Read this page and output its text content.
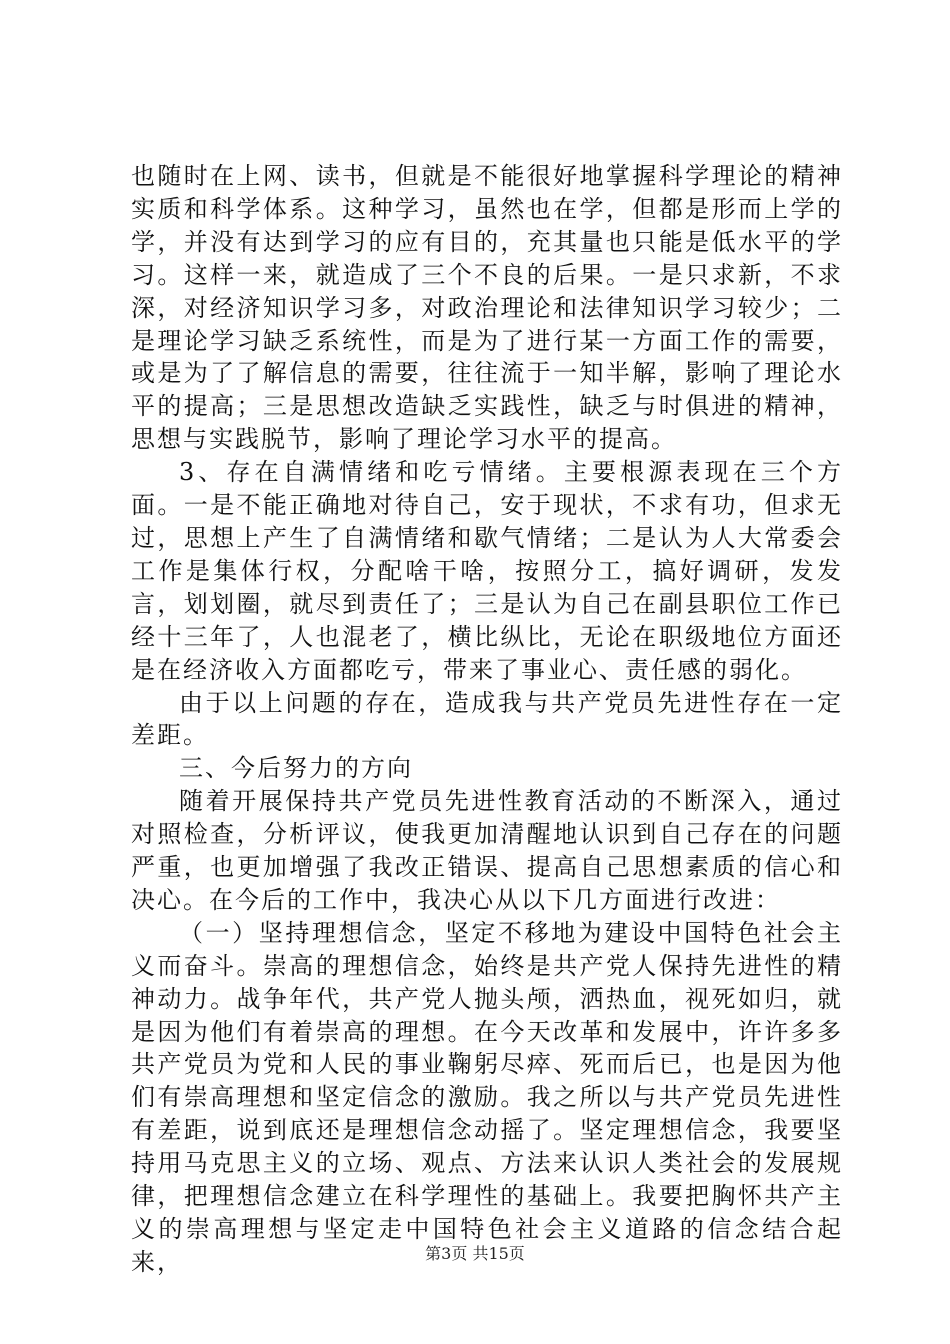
也随时在上网、读书，但就是不能很好地掌握科学理论的精神实质和科学体系。这种学习，虽然也在学，但都是形而上学的学，并没有达到学习的应有目的，充其量也只能是低水平的学习。这样一来，就造成了三个不良的后果。一是只求新，不求深，对经济知识学习多，对政治理论和法律知识学习较少；二是理论学习缺乏系统性，而是为了进行某一方面工作的需要，或是为了了解信息的需要，往往流于一知半解，影响了理论水平的提高；三是思想改造缺乏实践性，缺乏与时俱进的精神，思想与实践脱节，影响了理论学习水平的提高。

3、存在自满情绪和吃亏情绪。主要根源表现在三个方面。一是不能正确地对待自己，安于现状，不求有功，但求无过，思想上产生了自满情绪和歇气情绪；二是认为人大常委会工作是集体行权，分配啥干啥，按照分工，搞好调研，发发言，划划圈，就尽到责任了；三是认为自己在副县职位工作已经十三年了，人也混老了，横比纵比，无论在职级地位方面还是在经济收入方面都吃亏，带来了事业心、责任感的弱化。

由于以上问题的存在，造成我与共产党员先进性存在一定差距。

三、今后努力的方向

随着开展保持共产党员先进性教育活动的不断深入，通过对照检查，分析评议，使我更加清醒地认识到自己存在的问题严重，也更加增强了我改正错误、提高自己思想素质的信心和决心。在今后的工作中，我决心从以下几方面进行改进：

（一）坚持理想信念，坚定不移地为建设中国特色社会主义而奋斗。崇高的理想信念，始终是共产党人保持先进性的精神动力。战争年代，共产党人抛头颅，洒热血，视死如归，就是因为他们有着崇高的理想。在今天改革和发展中，许许多多共产党员为党和人民的事业鞠躬尽瘁、死而后已，也是因为他们有崇高理想和坚定信念的激励。我之所以与共产党员先进性有差距，说到底还是理想信念动摇了。坚定理想信念，我要坚持用马克思主义的立场、观点、方法来认识人类社会的发展规律，把理想信念建立在科学理性的基础上。我要把胸怀共产主义的崇高理想与坚定走中国特色社会主义道路的信念结合起来，	第3页 共15页
